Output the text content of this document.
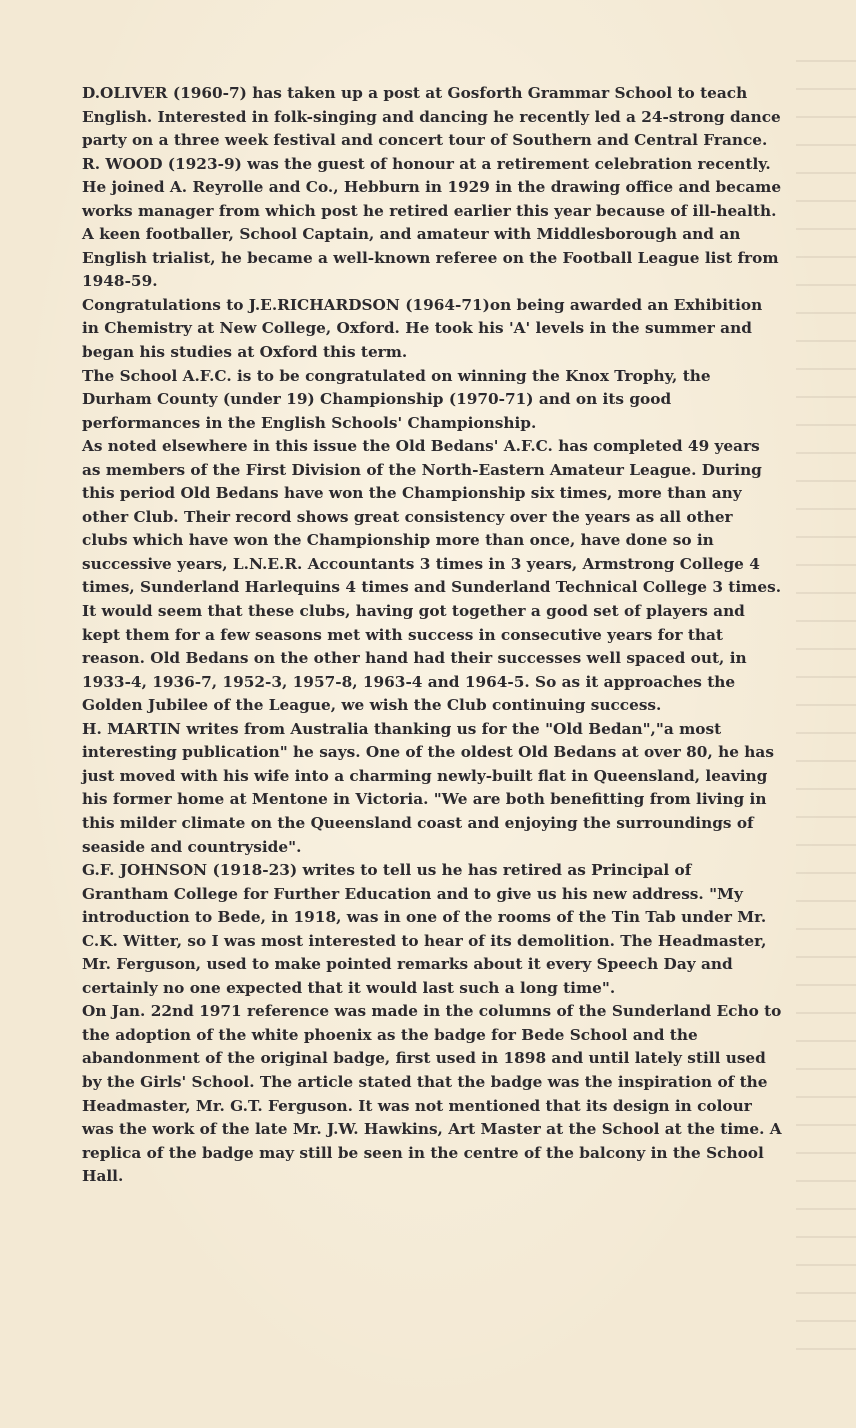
D.OLIVER (1960-7) has taken up a post at Gosforth Grammar School to teach English. Interested in folk-singing and dancing he recently led a 24-strong dance party on a three week festival and concert tour of Southern and Central France.

R. WOOD (1923-9) was the guest of honour at a retirement celebration recently. He joined A. Reyrolle and Co., Hebburn in 1929 in the drawing office and became works manager from which post he retired earlier this year because of ill-health. A keen footballer, School Captain, and amateur with Middlesborough and an English trialist, he became a well-known referee on the Football League list from 1948-59.

Congratulations to J.E.RICHARDSON (1964-71)on being awarded an Exhibition in Chemistry at New College, Oxford. He took his 'A' levels in the summer and began his studies at Oxford this term.

The School A.F.C. is to be congratulated on winning the Knox Trophy, the Durham County (under 19) Championship (1970-71) and on its good performances in the English Schools' Championship.

As noted elsewhere in this issue the Old Bedans' A.F.C. has completed 49 years as members of the First Division of the North-Eastern Amateur League. During this period Old Bedans have won the Championship six times, more than any other Club. Their record shows great consistency over the years as all other clubs which have won the Championship more than once, have done so in successive years, L.N.E.R. Accountants 3 times in 3 years, Armstrong College 4 times, Sunderland Harlequins 4 times and Sunderland Technical College 3 times. It would seem that these clubs, having got together a good set of players and kept them for a few seasons met with success in consecutive years for that reason. Old Bedans on the other hand had their successes well spaced out, in 1933-4, 1936-7, 1952-3, 1957-8, 1963-4 and 1964-5. So as it approaches the Golden Jubilee of the League, we wish the Club continuing success.

H. MARTIN writes from Australia thanking us for the "Old Bedan","a most interesting publication" he says. One of the oldest Old Bedans at over 80, he has just moved with his wife into a charming newly-built flat in Queensland, leaving his former home at Mentone in Victoria. "We are both benefitting from living in this milder climate on the Queensland coast and enjoying the surroundings of seaside and countryside".

G.F. JOHNSON (1918-23) writes to tell us he has retired as Principal of Grantham College for Further Education and to give us his new address. "My introduction to Bede, in 1918, was in one of the rooms of the Tin Tab under Mr. C.K. Witter, so I was most interested to hear of its demolition. The Headmaster, Mr. Ferguson, used to make pointed remarks about it every Speech Day and certainly no one expected that it would last such a long time".

On Jan. 22nd 1971 reference was made in the columns of the Sunderland Echo to the adoption of the white phoenix as the badge for Bede School and the abandonment of the original badge, first used in 1898 and until lately still used by the Girls' School. The article stated that the badge was the inspiration of the Headmaster, Mr. G.T. Ferguson. It was not mentioned that its design in colour was the work of the late Mr. J.W. Hawkins, Art Master at the School at the time. A replica of the badge may still be seen in the centre of the balcony in the School Hall.
